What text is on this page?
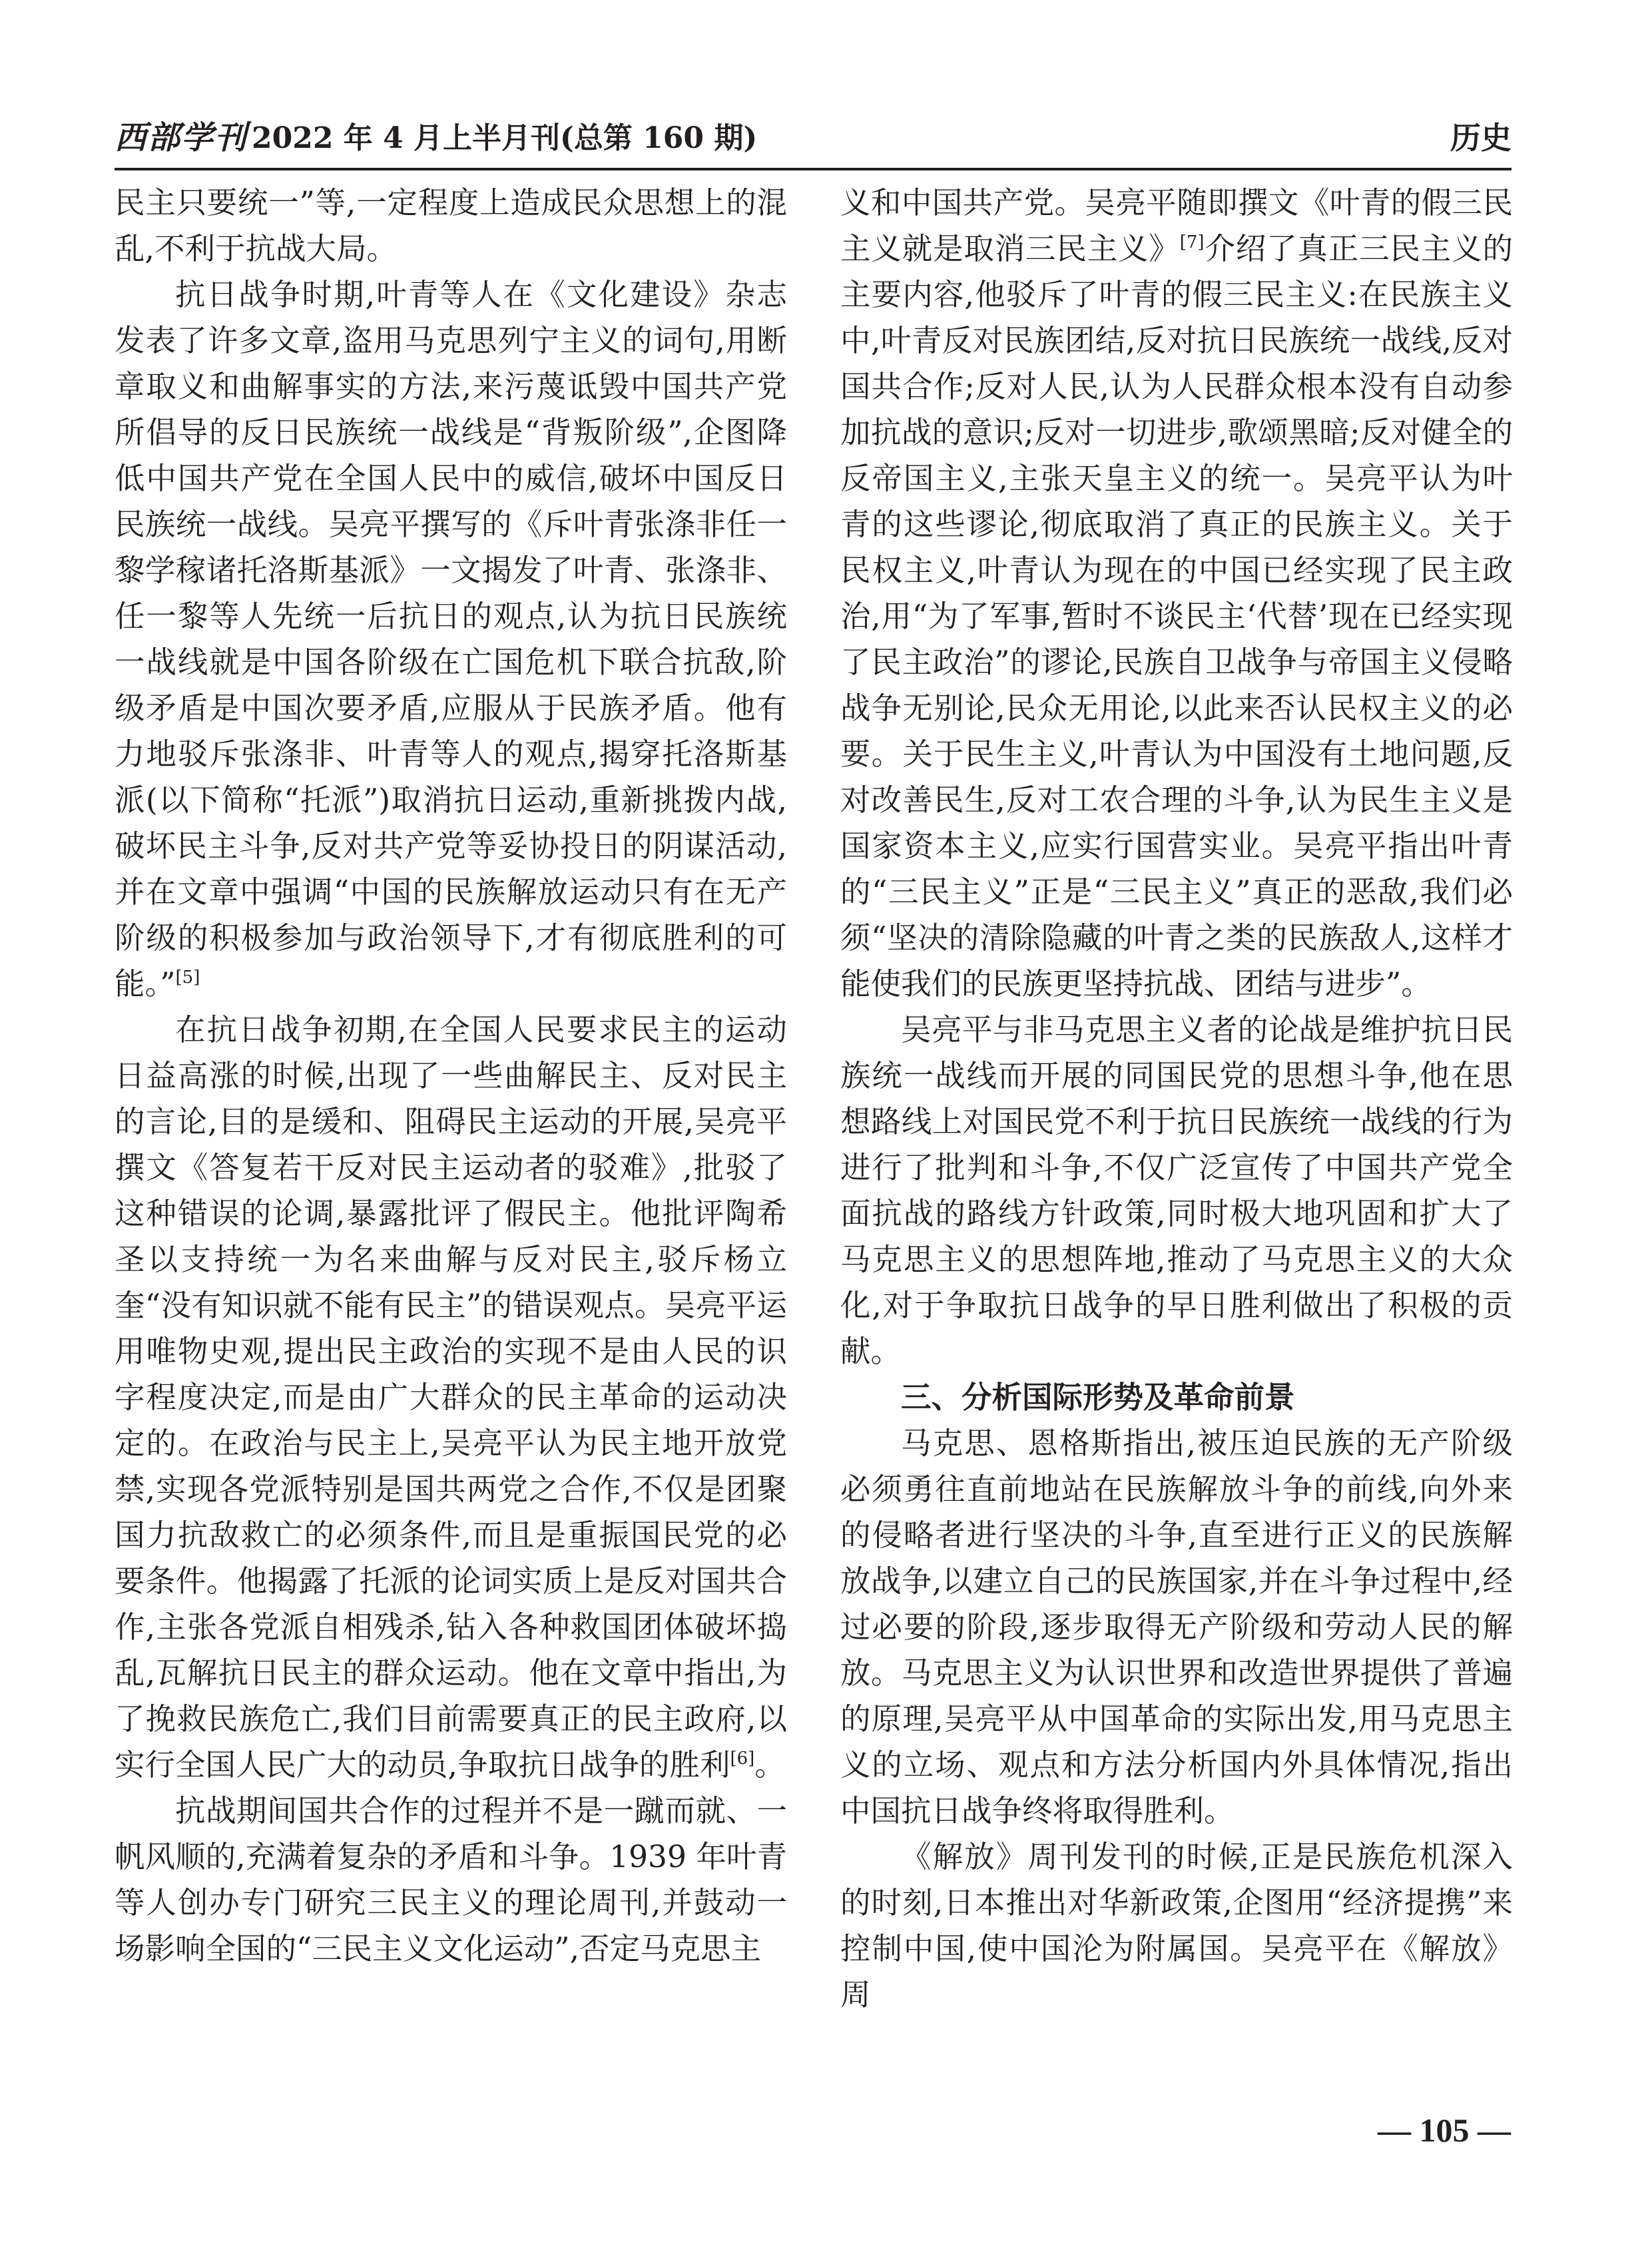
西部学刊 2022 年 4 月上半月刊(总第 160 期)	历史

民主只要统一”等,一定程度上造成民众思想上的混乱,不利于抗战大局。

抗日战争时期,叶青等人在《文化建设》杂志发表了许多文章,盗用马克思列宁主义的词句,用断章取义和曲解事实的方法,来污蔑诋毁中国共产党所倡导的反日民族统一战线是“背叛阶级”,企图降低中国共产党在全国人民中的威信,破坏中国反日民族统一战线。吴亮平撰写的《斥叶青张涤非任一黎学稼诸托洛斯基派》一文揭发了叶青、张涤非、任一黎等人先统一后抗日的观点,认为抗日民族统一战线就是中国各阶级在亡国危机下联合抗敌,阶级矛盾是中国次要矛盾,应服从于民族矛盾。他有力地驳斥张涤非、叶青等人的观点,揭穿托洛斯基派(以下简称“托派”)取消抗日运动,重新挑拨内战,破坏民主斗争,反对共产党等妥协投日的阴谋活动,并在文章中强调“中国的民族解放运动只有在无产阶级的积极参加与政治领导下,才有彻底胜利的可能。”[5]

在抗日战争初期,在全国人民要求民主的运动日益高涨的时候,出现了一些曲解民主、反对民主的言论,目的是缓和、阻碍民主运动的开展,吴亮平撰文《答复若干反对民主运动者的驳难》,批驳了这种错误的论调,暴露批评了假民主。他批评陶希圣以支持统一为名来曲解与反对民主,驳斥杨立奎“没有知识就不能有民主”的错误观点。吴亮平运用唯物史观,提出民主政治的实现不是由人民的识字程度决定,而是由广大群众的民主革命的运动决定的。在政治与民主上,吴亮平认为民主地开放党禁,实现各党派特别是国共两党之合作,不仅是团聚国力抗敌救亡的必须条件,而且是重振国民党的必要条件。他揭露了托派的论词实质上是反对国共合作,主张各党派自相残杀,钻入各种救国团体破坏捣乱,瓦解抗日民主的群众运动。他在文章中指出,为了挽救民族危亡,我们目前需要真正的民主政府,以实行全国人民广大的动员,争取抗日战争的胜利[6]。

抗战期间国共合作的过程并不是一蹴而就、一帆风顺的,充满着复杂的矛盾和斗争。1939 年叶青等人创办专门研究三民主义的理论周刊,并鼓动一场影响全国的“三民主义文化运动”,否定马克思主

义和中国共产党。吴亮平随即撰文《叶青的假三民主义就是取消三民主义》[7]介绍了真正三民主义的主要内容,他驳斥了叶青的假三民主义:在民族主义中,叶青反对民族团结,反对抗日民族统一战线,反对国共合作;反对人民,认为人民群众根本没有自动参加抗战的意识;反对一切进步,歌颂黑暗;反对健全的反帝国主义,主张天皇主义的统一。吴亮平认为叶青的这些谬论,彻底取消了真正的民族主义。关于民权主义,叶青认为现在的中国已经实现了民主政治,用“为了军事,暂时不谈民主‘代替’现在已经实现了民主政治”的谬论,民族自卫战争与帝国主义侵略战争无别论,民众无用论,以此来否认民权主义的必要。关于民生主义,叶青认为中国没有土地问题,反对改善民生,反对工农合理的斗争,认为民生主义是国家资本主义,应实行国营实业。吴亮平指出叶青的“三民主义”正是“三民主义”真正的恶敌,我们必须“坚决的清除隐藏的叶青之类的民族敌人,这样才能使我们的民族更坚持抗战、团结与进步”。

吴亮平与非马克思主义者的论战是维护抗日民族统一战线而开展的同国民党的思想斗争,他在思想路线上对国民党不利于抗日民族统一战线的行为进行了批判和斗争,不仅广泛宣传了中国共产党全面抗战的路线方针政策,同时极大地巩固和扩大了马克思主义的思想阵地,推动了马克思主义的大众化,对于争取抗日战争的早日胜利做出了积极的贡献。

三、分析国际形势及革命前景

马克思、恩格斯指出,被压迫民族的无产阶级必须勇往直前地站在民族解放斗争的前线,向外来的侵略者进行坚决的斗争,直至进行正义的民族解放战争,以建立自己的民族国家,并在斗争过程中,经过必要的阶段,逐步取得无产阶级和劳动人民的解放。马克思主义为认识世界和改造世界提供了普遍的原理,吴亮平从中国革命的实际出发,用马克思主义的立场、观点和方法分析国内外具体情况,指出中国抗日战争终将取得胜利。

《解放》周刊发刊的时候,正是民族危机深入的时刻,日本推出对华新政策,企图用“经济提携”来控制中国,使中国沦为附属国。吴亮平在《解放》周

— 105 —
